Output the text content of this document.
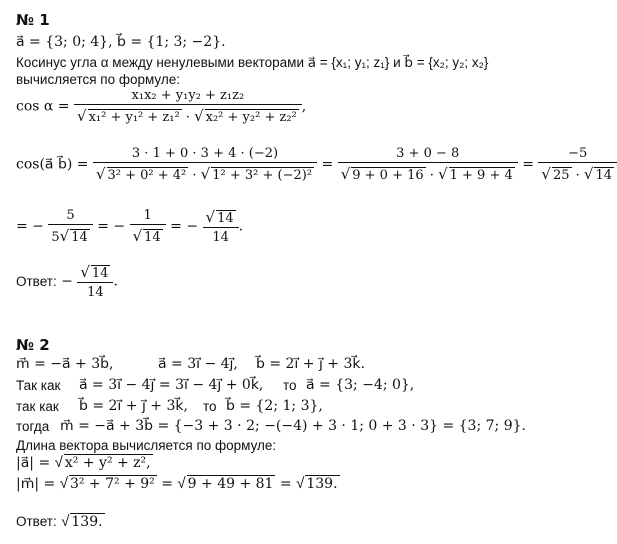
№ 1
a⃗ = {3; 0; 4}, b⃗ = {1; 3; −2}.
Косинус угла α между ненулевыми векторами a⃗ = {x₁; y₁; z₁} и b⃗ = {x₂; y₂; x₂}
вычисляется по формуле:
$\cos \alpha = \frac{\text{x₁x₂ + y₁y₂ + z₁z₂}}{\text{√ x₁² + y₁² + z₁² · √ x₂² + y₂² + z₂²}}$ ,
cos(a⃗ b⃗) = $\frac{3 \cdot 1 + 0 \cdot 3 + 4 \cdot (-2)}{\text{√ 3² + 0² + 4² · √ 1² + 3² + (−2)²}} = \frac{3 + 0 - 8}{√ 9 + 0 + 16 \cdot √ 1 + 9 + 4} = \frac{-5}{√ 25 \cdot √ 14}$
= − $\frac{5}{5√ 14}$ = − $\frac{1}{√ 14}$ = − $\frac{√ 14}{14}$ .
Ответ: − $\frac{√ 14}{14}$ .
№ 2
m⃗ = −a⃗ + 3b⃗,	a⃗ = 3i⃗ − 4j⃗, b⃗ = 2i⃗ + j⃗ + 3k⃗.
Так как a⃗ = 3i⃗ − 4j⃗ = 3i⃗ − 4j⃗ + 0k⃗, то a⃗ = {3; −4; 0},
так как b⃗ = 2i⃗ + j⃗ + 3k⃗, то b⃗ = {2; 1; 3},
тогда m⃗ = −a⃗ + 3b⃗ = {−3 + 3 · 2; −(−4) + 3 · 1; 0 + 3 · 3} = {3; 7; 9}.
Длина вектора вычисляется по формуле:
|a⃗| = √ x² + y² + z²,
|m⃗| = √ 3² + 7² + 9² = √ 9 + 49 + 81 = √ 139.
Ответ: √ 139.
